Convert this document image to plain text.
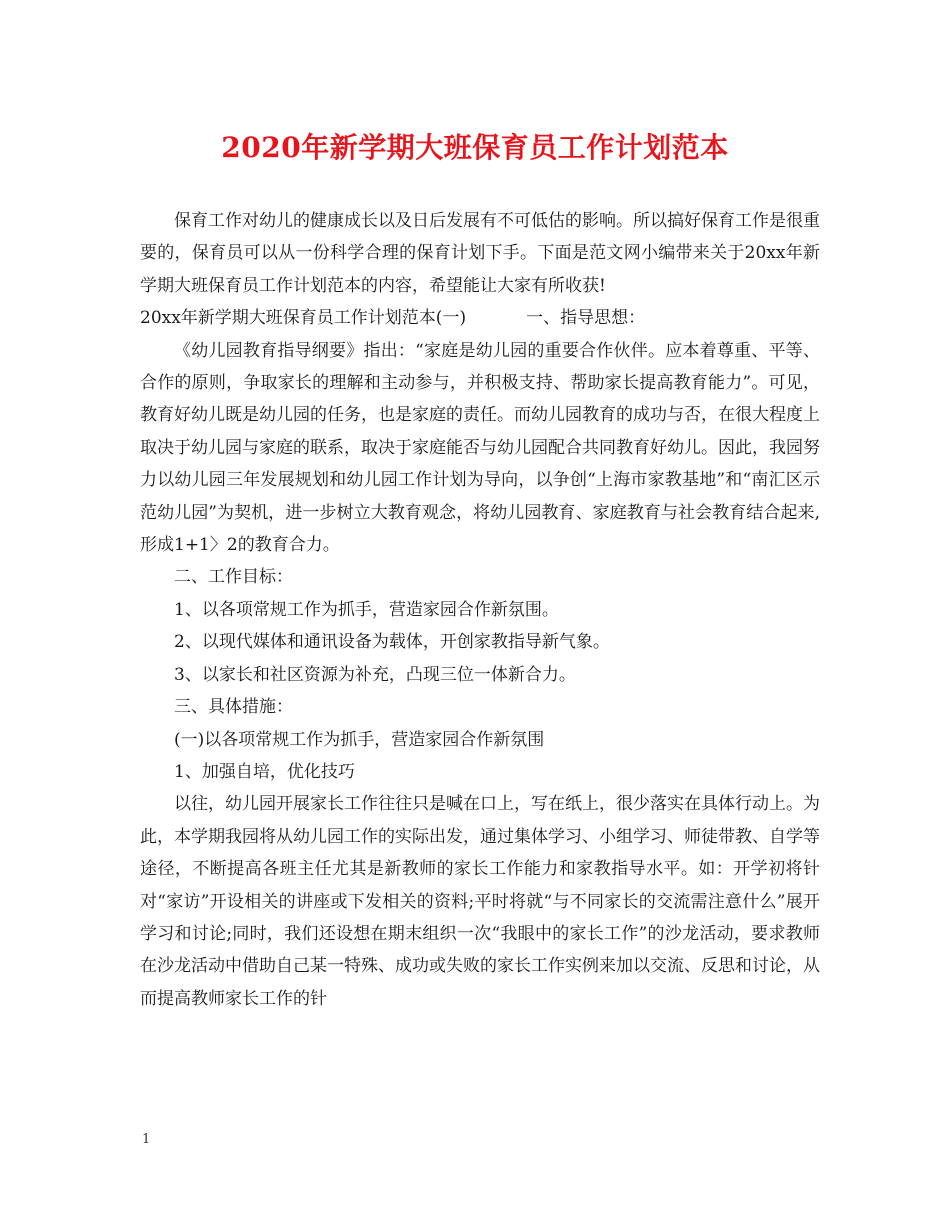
2020年新学期大班保育员工作计划范本

保育工作对幼儿的健康成长以及日后发展有不可低估的影响。所以搞好保育工作是很重要的，保育员可以从一份科学合理的保育计划下手。下面是范文网小编带来关于20xx年新学期大班保育员工作计划范本的内容，希望能让大家有所收获!

20xx年新学期大班保育员工作计划范本(一)	一、指导思想：

《幼儿园教育指导纲要》指出：“家庭是幼儿园的重要合作伙伴。应本着尊重、平等、合作的原则，争取家长的理解和主动参与，并积极支持、帮助家长提高教育能力”。可见，教育好幼儿既是幼儿园的任务，也是家庭的责任。而幼儿园教育的成功与否，在很大程度上取决于幼儿园与家庭的联系，取决于家庭能否与幼儿园配合共同教育好幼儿。因此，我园努力以幼儿园三年发展规划和幼儿园工作计划为导向，以争创“上海市家教基地”和“南汇区示范幼儿园”为契机，进一步树立大教育观念，将幼儿园教育、家庭教育与社会教育结合起来,形成1+1〉2的教育合力。

二、工作目标：

1、以各项常规工作为抓手，营造家园合作新氛围。

2、以现代媒体和通讯设备为载体，开创家教指导新气象。

3、以家长和社区资源为补充，凸现三位一体新合力。

三、具体措施：

(一)以各项常规工作为抓手，营造家园合作新氛围

1、加强自培，优化技巧

以往，幼儿园开展家长工作往往只是喊在口上，写在纸上，很少落实在具体行动上。为此，本学期我园将从幼儿园工作的实际出发，通过集体学习、小组学习、师徒带教、自学等途径，不断提高各班主任尤其是新教师的家长工作能力和家教指导水平。如：开学初将针对“家访”开设相关的讲座或下发相关的资料;平时将就“与不同家长的交流需注意什么”展开学习和讨论;同时，我们还设想在期末组织一次“我眼中的家长工作”的沙龙活动，要求教师在沙龙活动中借助自己某一特殊、成功或失败的家长工作实例来加以交流、反思和讨论，从而提高教师家长工作的针

1
